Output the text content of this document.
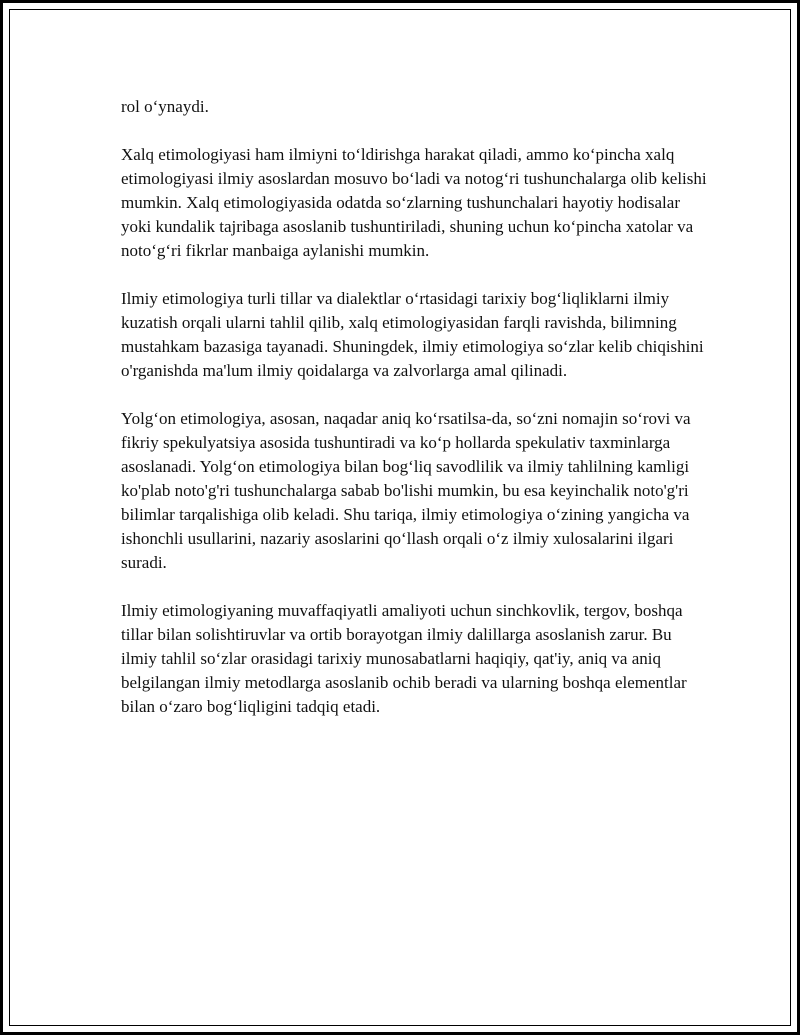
rol o‘ynaydi.

Xalq etimologiyasi ham ilmiyni to‘ldirishga harakat qiladi, ammo ko‘pincha xalq etimologiyasi ilmiy asoslardan mosuvo bo‘ladi va notog‘ri tushunchalarga olib kelishi mumkin. Xalq etimologiyasida odatda so‘zlarning tushunchalari hayotiy hodisalar yoki kundalik tajribaga asoslanib tushuntiriladi, shuning uchun ko‘pincha xatolar va noto‘g‘ri fikrlar manbaiga aylanishi mumkin.

Ilmiy etimologiya turli tillar va dialektlar o‘rtasidagi tarixiy bog‘liqliklarni ilmiy kuzatish orqali ularni tahlil qilib, xalq etimologiyasidan farqli ravishda, bilimning mustahkam bazasiga tayanadi. Shuningdek, ilmiy etimologiya so‘zlar kelib chiqishini o'rganishda ma'lum ilmiy qoidalarga va zalvorlarga amal qilinadi.

Yolg‘on etimologiya, asosan, naqadar aniq ko‘rsatilsa-da, so‘zni nomajin so‘rovi va fikriy spekulyatsiya asosida tushuntiradi va ko‘p hollarda spekulativ taxminlarga asoslanadi. Yolg‘on etimologiya bilan bog‘liq savodlilik va ilmiy tahlilning kamligi ko'plab noto'g'ri tushunchalarga sabab bo'lishi mumkin, bu esa keyinchalik noto'g'ri bilimlar tarqalishiga olib keladi. Shu tariqa, ilmiy etimologiya o‘zining yangicha va ishonchli usullarini, nazariy asoslarini qo‘llash orqali o‘z ilmiy xulosalarini ilgari suradi.

Ilmiy etimologiyaning muvaffaqiyatli amaliyoti uchun sinchkovlik, tergov, boshqa tillar bilan solishtiruvlar va ortib borayotgan ilmiy dalillarga asoslanish zarur. Bu ilmiy tahlil so‘zlar orasidagi tarixiy munosabatlarni haqiqiy, qat'iy, aniq va aniq belgilangan ilmiy metodlarga asoslanib ochib beradi va ularning boshqa elementlar bilan o‘zaro bog‘liqligini tadqiq etadi.
